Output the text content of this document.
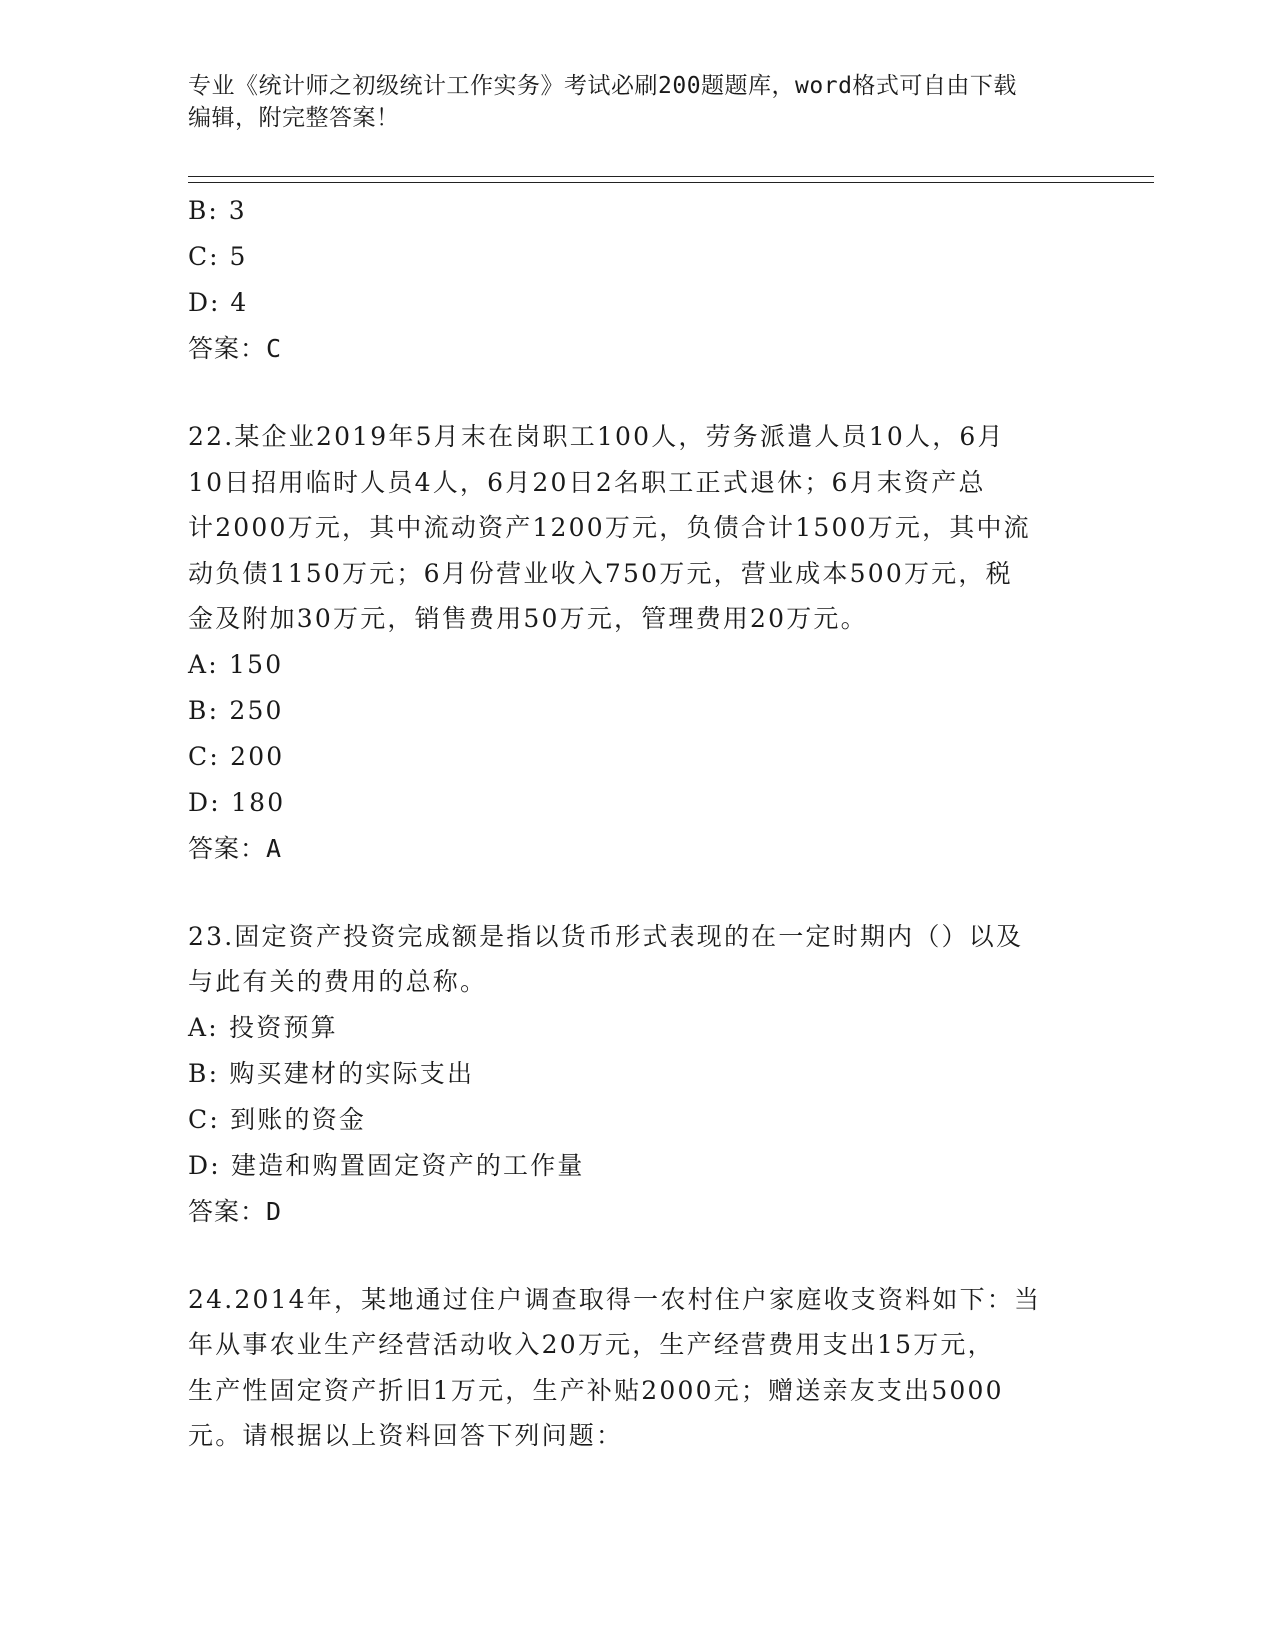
专业《统计师之初级统计工作实务》考试必刷200题题库，word格式可自由下载
编辑，附完整答案！
B: 3
C: 5
D: 4
答案：C
22.某企业2019年5月末在岗职工100人，劳务派遣人员10人，6月
10日招用临时人员4人，6月20日2名职工正式退休；6月末资产总
计2000万元，其中流动资产1200万元，负债合计1500万元，其中流
动负债1150万元；6月份营业收入750万元，营业成本500万元，税
金及附加30万元，销售费用50万元，管理费用20万元。
A: 150
B: 250
C: 200
D: 180
答案：A
23.固定资产投资完成额是指以货币形式表现的在一定时期内（）以及
与此有关的费用的总称。
A: 投资预算
B: 购买建材的实际支出
C: 到账的资金
D: 建造和购置固定资产的工作量
答案：D
24.2014年，某地通过住户调查取得一农村住户家庭收支资料如下：当
年从事农业生产经营活动收入20万元，生产经营费用支出15万元，
生产性固定资产折旧1万元，生产补贴2000元；赠送亲友支出5000
元。请根据以上资料回答下列问题：
